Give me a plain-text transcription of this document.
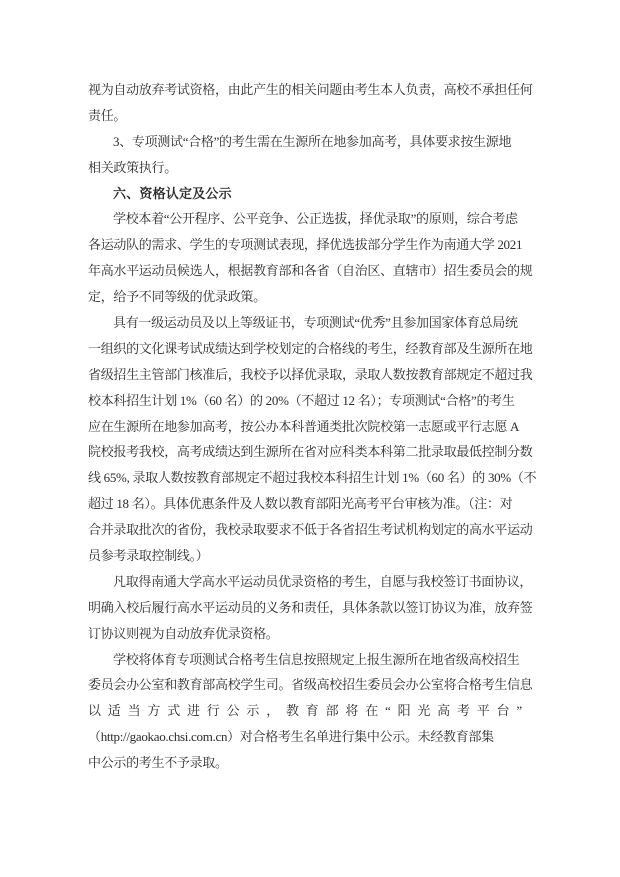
视为自动放弃考试资格，由此产生的相关问题由考生本人负责，高校不承担任何
责任。
3、专项测试“合格”的考生需在生源所在地参加高考，具体要求按生源地
相关政策执行。
六、资格认定及公示
学校本着“公开程序、公平竞争、公正选拔，择优录取”的原则，综合考虑
各运动队的需求、学生的专项测试表现，择优选拔部分学生作为南通大学 2021
年高水平运动员候选人，根据教育部和各省（自治区、直辖市）招生委员会的规
定，给予不同等级的优录政策。
具有一级运动员及以上等级证书，专项测试“优秀”且参加国家体育总局统
一组织的文化课考试成绩达到学校划定的合格线的考生，经教育部及生源所在地
省级招生主管部门核准后，我校予以择优录取，录取人数按教育部规定不超过我
校本科招生计划 1%（60 名）的 20%（不超过 12 名）；专项测试“合格”的考生
应在生源所在地参加高考，按公办本科普通类批次院校第一志愿或平行志愿 A
院校报考我校，高考成绩达到生源所在省对应科类本科第二批录取最低控制分数
线 65%, 录取人数按教育部规定不超过我校本科招生计划 1%（60 名）的 30%（不
超过 18 名）。具体优惠条件及人数以教育部阳光高考平台审核为准。（注：对
合并录取批次的省份，我校录取要求不低于各省招生考试机构划定的高水平运动
员参考录取控制线。）
凡取得南通大学高水平运动员优录资格的考生，自愿与我校签订书面协议，
明确入校后履行高水平运动员的义务和责任，具体条款以签订协议为准，放弃签
订协议则视为自动放弃优录资格。
学校将体育专项测试合格考生信息按照规定上报生源所在地省级高校招生
委员会办公室和教育部高校学生司。省级高校招生委员会办公室将合格考生信息
以适当方式进行公示，教育部将在“阳光高考平台”
（http://gaokao.chsi.com.cn）对合格考生名单进行集中公示。未经教育部集
中公示的考生不予录取。
